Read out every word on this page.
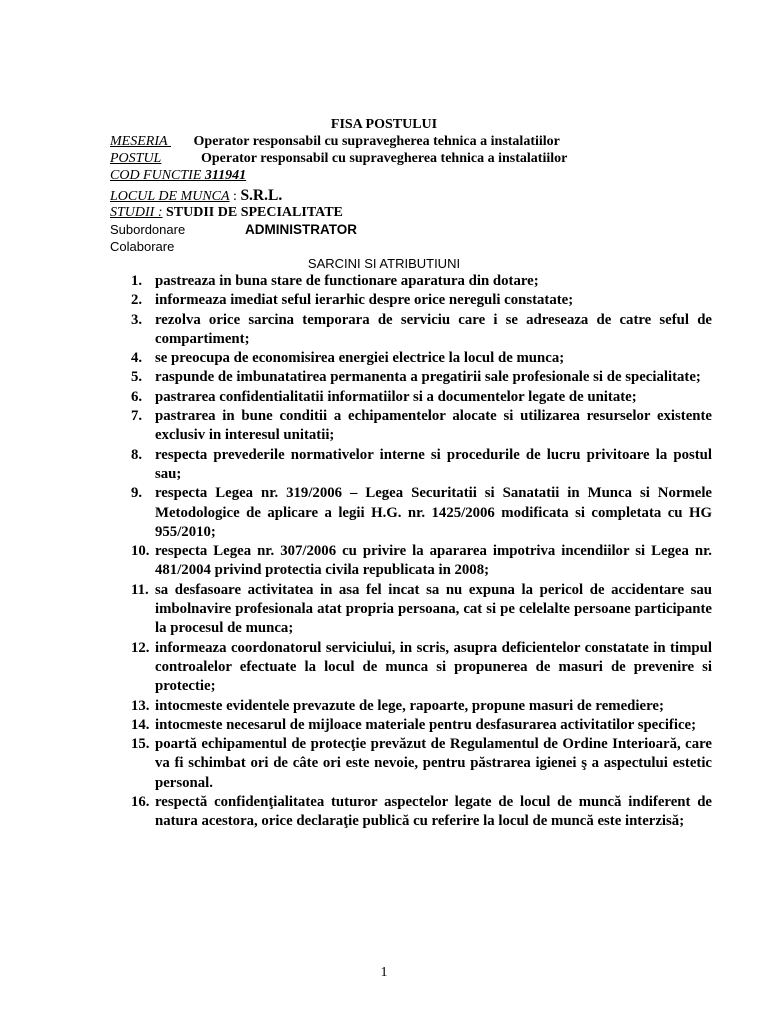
FISA POSTULUI
MESERIA Operator responsabil cu supravegherea tehnica a instalatiilor
POSTUL	Operator responsabil cu supravegherea tehnica a instalatiilor
COD FUNCTIE 311941
LOCUL DE MUNCA : S.R.L.
STUDII : STUDII DE SPECIALITATE
Subordonare	ADMINISTRATOR
Colaborare
SARCINI SI ATRIBUTIUNI
1. pastreaza in buna stare de functionare aparatura din dotare;
2. informeaza imediat seful ierarhic despre orice nereguli constatate;
3. rezolva orice sarcina temporara de serviciu care i se adreseaza de catre seful de compartiment;
4. se preocupa de economisirea energiei electrice la locul de munca;
5. raspunde de imbunatatirea permanenta a pregatirii sale profesionale si de specialitate;
6. pastrarea confidentialitatii informatiilor si a documentelor legate de unitate;
7. pastrarea in bune conditii a echipamentelor alocate si utilizarea resurselor existente exclusiv in interesul unitatii;
8. respecta prevederile normativelor interne si procedurile de lucru privitoare la postul sau;
9. respecta Legea nr. 319/2006 – Legea Securitatii si Sanatatii in Munca si Normele Metodologice de aplicare a legii H.G. nr. 1425/2006 modificata si completata cu HG 955/2010;
10. respecta Legea nr. 307/2006 cu privire la apararea impotriva incendiilor si Legea nr. 481/2004 privind protectia civila republicata in 2008;
11. sa desfasoare activitatea in asa fel incat sa nu expuna la pericol de accidentare sau imbolnavire profesionala atat propria persoana, cat si pe celelalte persoane participante la procesul de munca;
12. informeaza coordonatorul serviciului, in scris, asupra deficientelor constatate in timpul controalelor efectuate la locul de munca si propunerea de masuri de prevenire si protectie;
13. intocmeste evidentele prevazute de lege, rapoarte, propune masuri de remediere;
14. intocmeste necesarul de mijloace materiale pentru desfasurarea activitatilor specifice;
15. poartă echipamentul de protecţie prevăzut de Regulamentul de Ordine Interioară, care va fi schimbat ori de câte ori este nevoie, pentru păstrarea igienei ş a aspectului estetic personal.
16. respectă confidenţialitatea tuturor aspectelor legate de locul de muncă indiferent de natura acestora, orice declaraţie publică cu referire la locul de muncă este interzisă;
1
